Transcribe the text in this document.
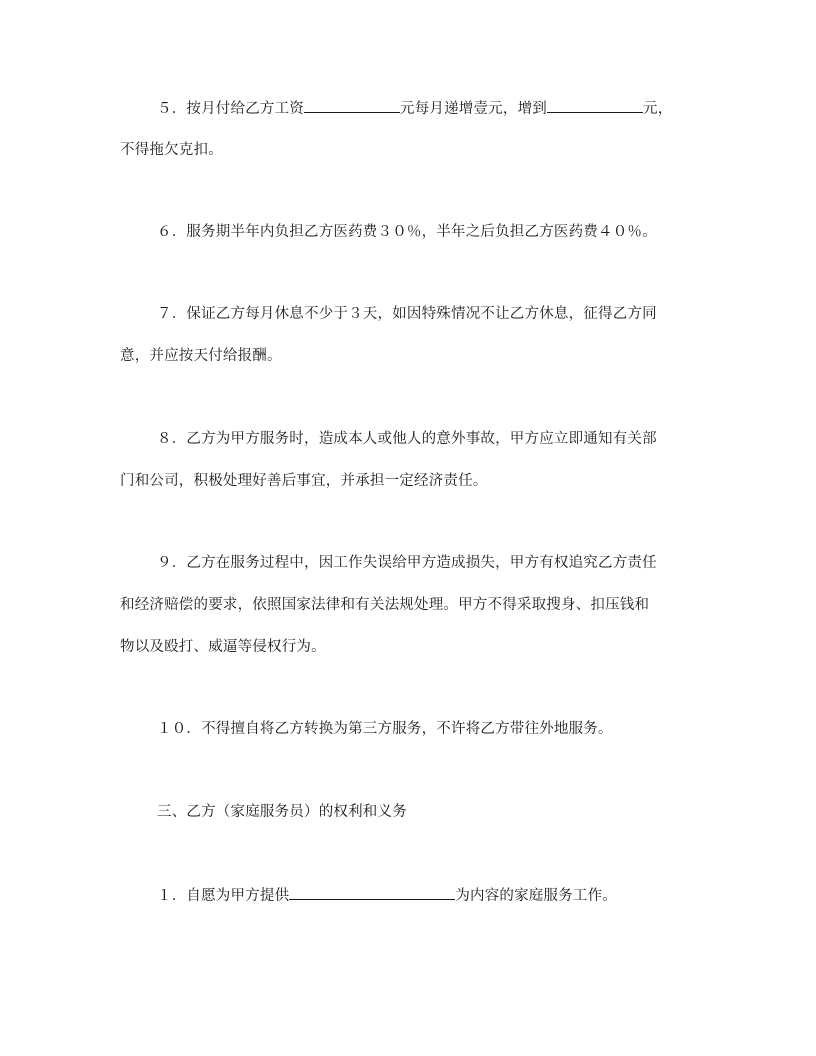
５．按月付给乙方工资	元每月递增壹元，增到	元，
不得拖欠克扣。
６．服务期半年内负担乙方医药费３０％，半年之后负担乙方医药费４０％。
７．保证乙方每月休息不少于３天，如因特殊情况不让乙方休息，征得乙方同
意，并应按天付给报酬。
８．乙方为甲方服务时，造成本人或他人的意外事故，甲方应立即通知有关部
门和公司，积极处理好善后事宜，并承担一定经济责任。
９．乙方在服务过程中，因工作失误给甲方造成损失，甲方有权追究乙方责任
和经济赔偿的要求，依照国家法律和有关法规处理。甲方不得采取搜身、扣压钱和
物以及殴打、威逼等侵权行为。
１０．不得擅自将乙方转换为第三方服务，不许将乙方带往外地服务。
三、乙方（家庭服务员）的权利和义务
１．自愿为甲方提供	为内容的家庭服务工作。
